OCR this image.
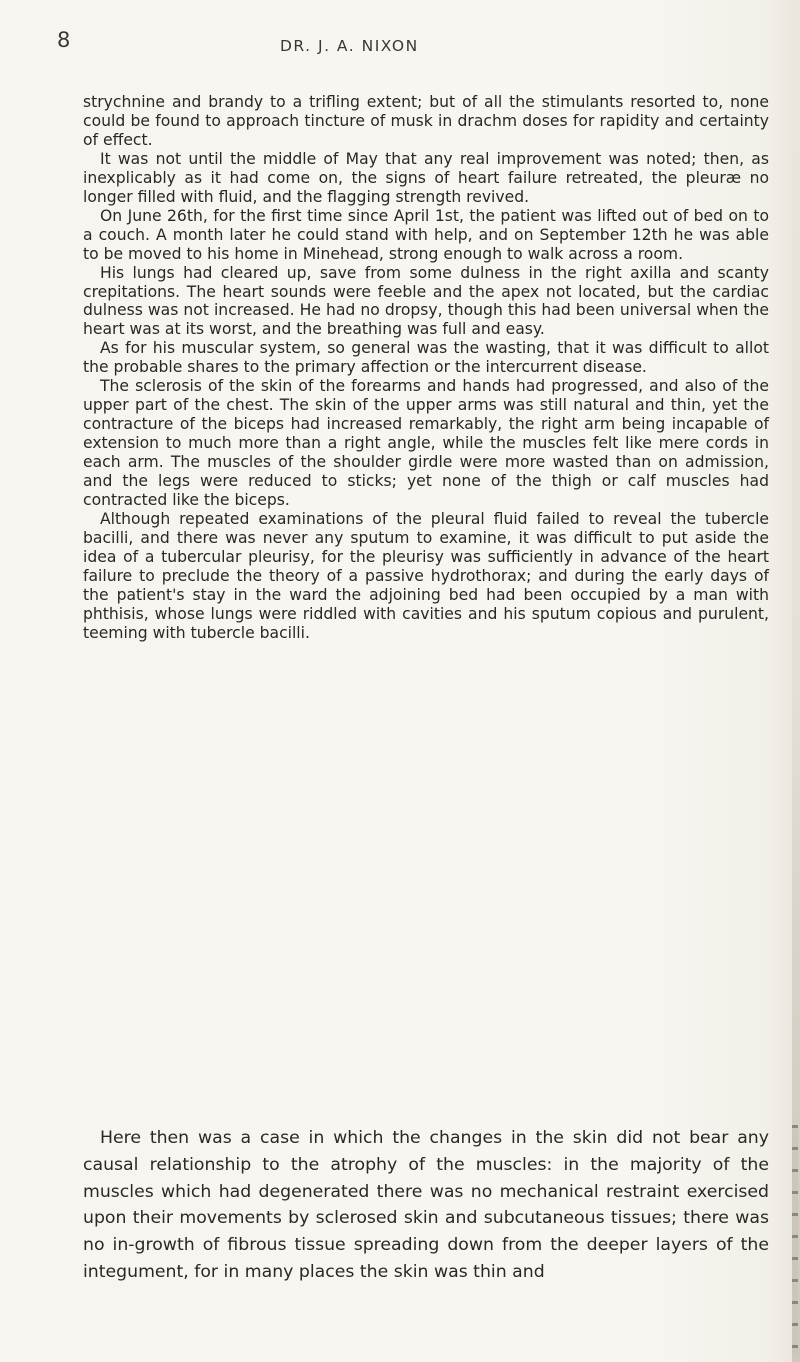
8	DR. J. A. NIXON

strychnine and brandy to a trifling extent; but of all the stimulants resorted to, none could be found to approach tincture of musk in drachm doses for rapidity and certainty of effect.

It was not until the middle of May that any real improvement was noted; then, as inexplicably as it had come on, the signs of heart failure retreated, the pleuræ no longer filled with fluid, and the flagging strength revived.

On June 26th, for the first time since April 1st, the patient was lifted out of bed on to a couch. A month later he could stand with help, and on September 12th he was able to be moved to his home in Minehead, strong enough to walk across a room.

His lungs had cleared up, save from some dulness in the right axilla and scanty crepitations. The heart sounds were feeble and the apex not located, but the cardiac dulness was not increased. He had no dropsy, though this had been universal when the heart was at its worst, and the breathing was full and easy.

As for his muscular system, so general was the wasting, that it was difficult to allot the probable shares to the primary affection or the intercurrent disease.

The sclerosis of the skin of the forearms and hands had progressed, and also of the upper part of the chest. The skin of the upper arms was still natural and thin, yet the contracture of the biceps had increased remarkably, the right arm being incapable of extension to much more than a right angle, while the muscles felt like mere cords in each arm. The muscles of the shoulder girdle were more wasted than on admission, and the legs were reduced to sticks; yet none of the thigh or calf muscles had contracted like the biceps.

Although repeated examinations of the pleural fluid failed to reveal the tubercle bacilli, and there was never any sputum to examine, it was difficult to put aside the idea of a tubercular pleurisy, for the pleurisy was sufficiently in advance of the heart failure to preclude the theory of a passive hydrothorax; and during the early days of the patient's stay in the ward the adjoining bed had been occupied by a man with phthisis, whose lungs were riddled with cavities and his sputum copious and purulent, teeming with tubercle bacilli.

Here then was a case in which the changes in the skin did not bear any causal relationship to the atrophy of the muscles: in the majority of the muscles which had degenerated there was no mechanical restraint exercised upon their movements by sclerosed skin and subcutaneous tissues; there was no in-growth of fibrous tissue spreading down from the deeper layers of the integument, for in many places the skin was thin and
